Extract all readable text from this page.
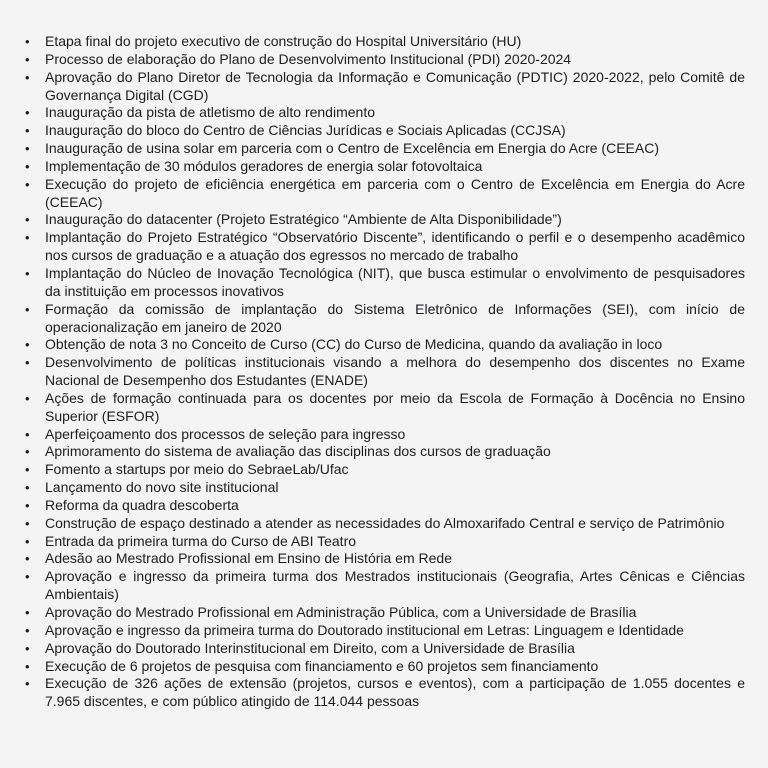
•	Etapa final do projeto executivo de construção do Hospital Universitário (HU)
•	Processo de elaboração do Plano de Desenvolvimento Institucional (PDI) 2020-2024
•	Aprovação do Plano Diretor de Tecnologia da Informação e Comunicação (PDTIC) 2020-2022, pelo Comitê de Governança Digital (CGD)
•	Inauguração da pista de atletismo de alto rendimento
•	Inauguração do bloco do Centro de Ciências Jurídicas e Sociais Aplicadas (CCJSA)
•	Inauguração de usina solar em parceria com o Centro de Excelência em Energia do Acre (CEEAC)
•	Implementação de 30 módulos geradores de energia solar fotovoltaica
•	Execução do projeto de eficiência energética em parceria com o Centro de Excelência em Energia do Acre (CEEAC)
•	Inauguração do datacenter (Projeto Estratégico “Ambiente de Alta Disponibilidade”)
•	Implantação do Projeto Estratégico “Observatório Discente”, identificando o perfil e o desempenho acadêmico nos cursos de graduação e a atuação dos egressos no mercado de trabalho
•	Implantação do Núcleo de Inovação Tecnológica (NIT), que busca estimular o envolvimento de pesquisadores da instituição em processos inovativos
•	Formação da comissão de implantação do Sistema Eletrônico de Informações (SEI), com início de operacionalização em janeiro de 2020
•	Obtenção de nota 3 no Conceito de Curso (CC) do Curso de Medicina, quando da avaliação in loco
•	Desenvolvimento de políticas institucionais visando a melhora do desempenho dos discentes no Exame Nacional de Desempenho dos Estudantes (ENADE)
•	Ações de formação continuada para os docentes por meio da Escola de Formação à Docência no Ensino Superior (ESFOR)
•	Aperfeiçoamento dos processos de seleção para ingresso
•	Aprimoramento do sistema de avaliação das disciplinas dos cursos de graduação
•	Fomento a startups por meio do SebraeLab/Ufac
•	Lançamento do novo site institucional
•	Reforma da quadra descoberta
•	Construção de espaço destinado a atender as necessidades do Almoxarifado Central e serviço de Patrimônio
•	Entrada da primeira turma do Curso de ABI Teatro
•	Adesão ao Mestrado Profissional em Ensino de História em Rede
•	Aprovação e ingresso da primeira turma dos Mestrados institucionais (Geografia, Artes Cênicas e Ciências Ambientais)
•	Aprovação do Mestrado Profissional em Administração Pública, com a Universidade de Brasília
•	Aprovação e ingresso da primeira turma do Doutorado institucional em Letras: Linguagem e Identidade
•	Aprovação do Doutorado Interinstitucional em Direito, com a Universidade de Brasília
•	Execução de 6 projetos de pesquisa com financiamento e 60 projetos sem financiamento
•	Execução de 326 ações de extensão (projetos, cursos e eventos), com a participação de 1.055 docentes e 7.965 discentes, e com público atingido de 114.044 pessoas
